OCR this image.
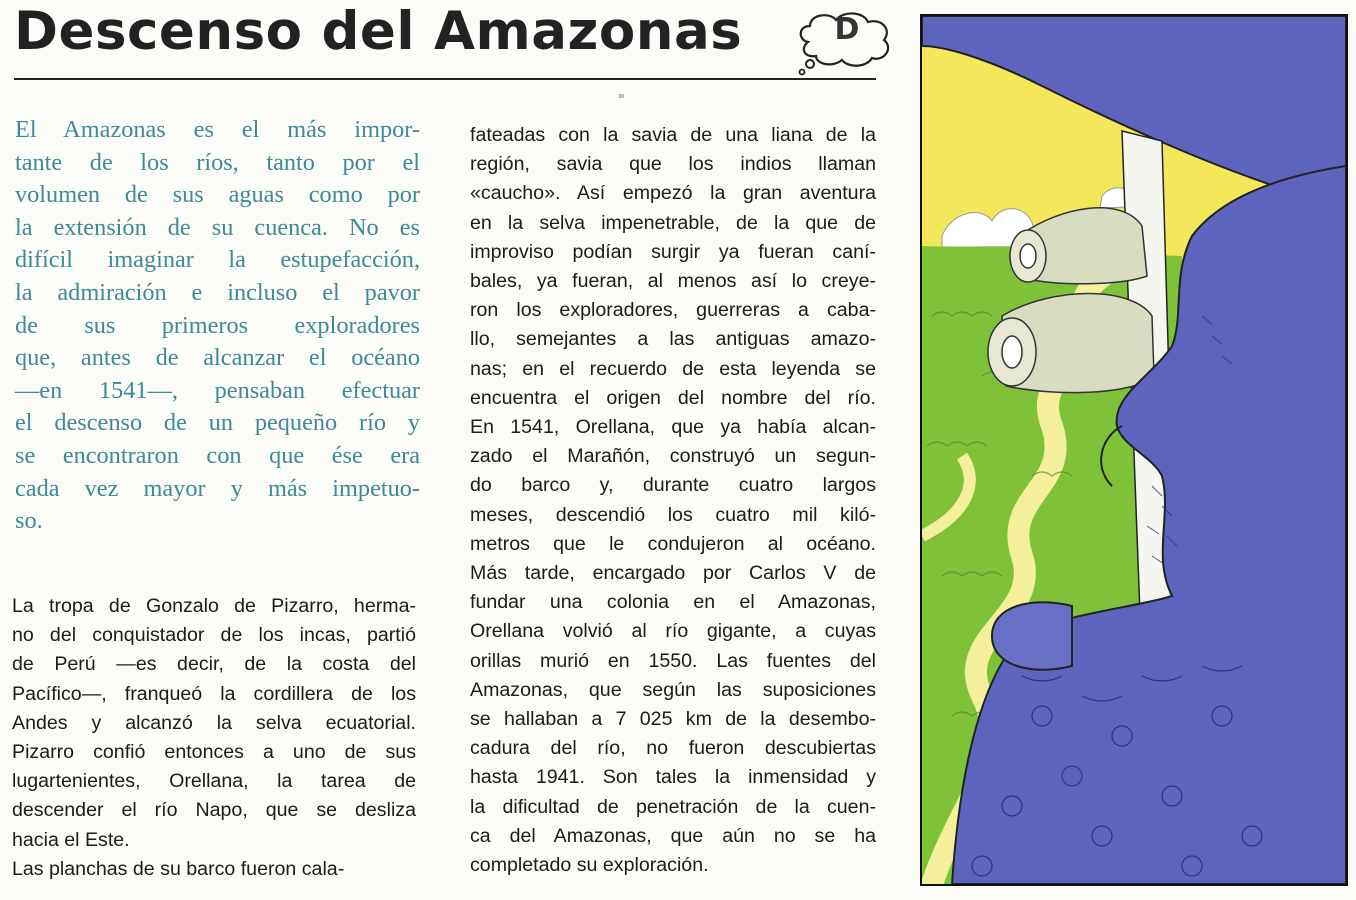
Descenso del Amazonas	D
El Amazonas es el más impor-
tante de los ríos, tanto por el
volumen de sus aguas como por
la extensión de su cuenca. No es
difícil imaginar la estupefacción,
la admiración e incluso el pavor
de sus primeros exploradores
que, antes de alcanzar el océano
—en 1541—, pensaban efectuar
el descenso de un pequeño río y
se encontraron con que ése era
cada vez mayor y más impetuo-
so.
La tropa de Gonzalo de Pizarro, herma-
no del conquistador de los incas, partió
de Perú —es decir, de la costa del
Pacífico—, franqueó la cordillera de los
Andes y alcanzó la selva ecuatorial.
Pizarro confió entonces a uno de sus
lugartenientes, Orellana, la tarea de
descender el río Napo, que se desliza
hacia el Este.
Las planchas de su barco fueron cala-
fateadas con la savia de una liana de la
región, savia que los indios llaman
«caucho». Así empezó la gran aventura
en la selva impenetrable, de la que de
improviso podían surgir ya fueran caní-
bales, ya fueran, al menos así lo creye-
ron los exploradores, guerreras a caba-
llo, semejantes a las antiguas amazo-
nas; en el recuerdo de esta leyenda se
encuentra el origen del nombre del río.
En 1541, Orellana, que ya había alcan-
zado el Marañón, construyó un segun-
do barco y, durante cuatro largos
meses, descendió los cuatro mil kiló-
metros que le condujeron al océano.
Más tarde, encargado por Carlos V de
fundar una colonia en el Amazonas,
Orellana volvió al río gigante, a cuyas
orillas murió en 1550. Las fuentes del
Amazonas, que según las suposiciones
se hallaban a 7 025 km de la desembo-
cadura del río, no fueron descubiertas
hasta 1941. Son tales la inmensidad y
la dificultad de penetración de la cuen-
ca del Amazonas, que aún no se ha
completado su exploración.
